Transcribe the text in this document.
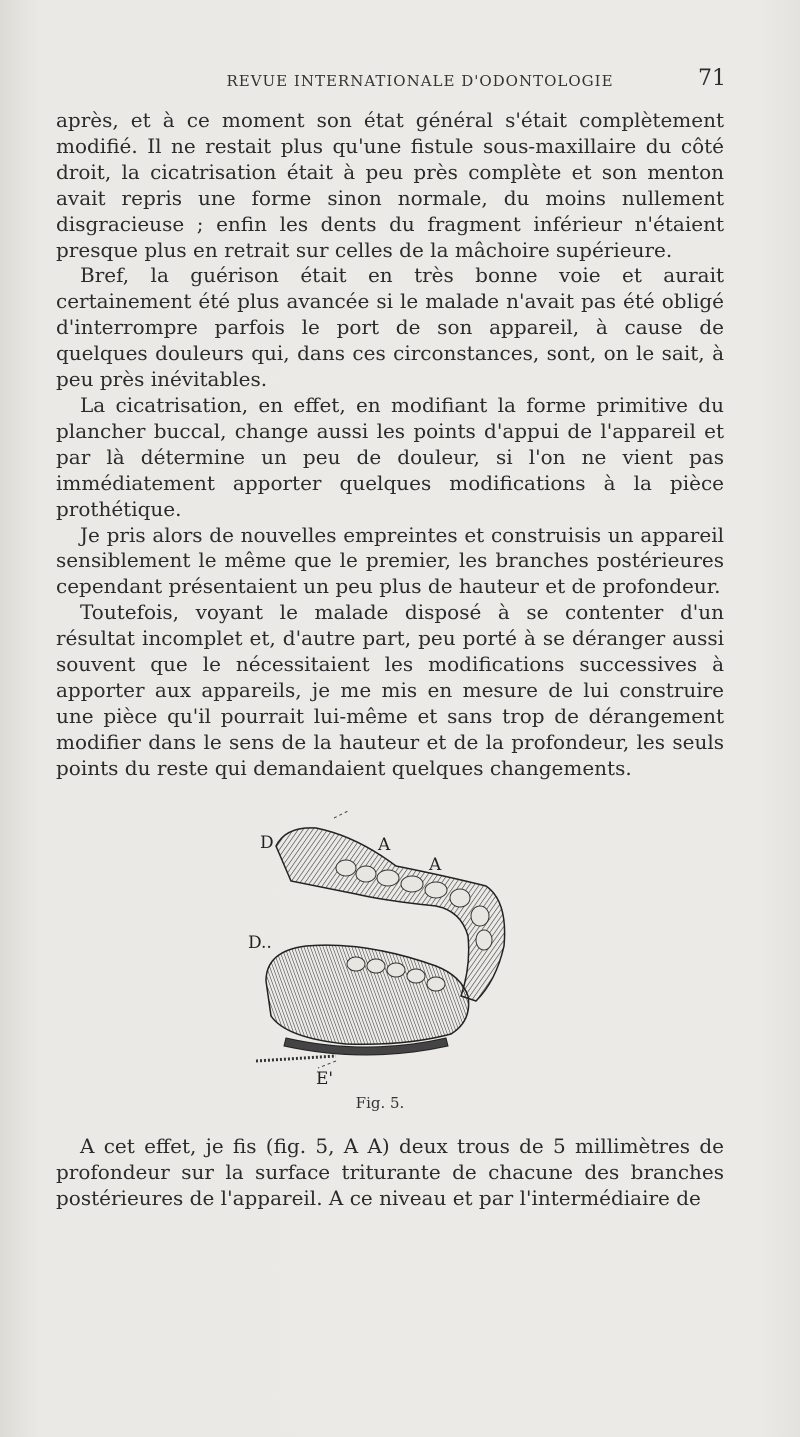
REVUE INTERNATIONALE D'ODONTOLOGIE	71

après, et à ce moment son état général s'était complètement modifié. Il ne restait plus qu'une fistule sous-maxillaire du côté droit, la cicatrisation était à peu près complète et son menton avait repris une forme sinon normale, du moins nullement disgracieuse ; enfin les dents du fragment inférieur n'étaient presque plus en retrait sur celles de la mâchoire supérieure.

Bref, la guérison était en très bonne voie et aurait certainement été plus avancée si le malade n'avait pas été obligé d'interrompre parfois le port de son appareil, à cause de quelques douleurs qui, dans ces circonstances, sont, on le sait, à peu près inévitables.

La cicatrisation, en effet, en modifiant la forme primitive du plancher buccal, change aussi les points d'appui de l'appareil et par là détermine un peu de douleur, si l'on ne vient pas immédiatement apporter quelques modifications à la pièce prothétique.

Je pris alors de nouvelles empreintes et construisis un appareil sensiblement le même que le premier, les branches postérieures cependant présentaient un peu plus de hauteur et de profondeur.

Toutefois, voyant le malade disposé à se contenter d'un résultat incomplet et, d'autre part, peu porté à se déranger aussi souvent que le nécessitaient les modifications successives à apporter aux appareils, je me mis en mesure de lui construire une pièce qu'il pourrait lui-même et sans trop de dérangement modifier dans le sens de la hauteur et de la profondeur, les seuls points du reste qui demandaient quelques changements.

D	A
A
D..
E'
Fig. 5.

A cet effet, je fis (fig. 5, A A) deux trous de 5 millimètres de profondeur sur la surface triturante de chacune des branches postérieures de l'appareil. A ce niveau et par l'intermédiaire de
